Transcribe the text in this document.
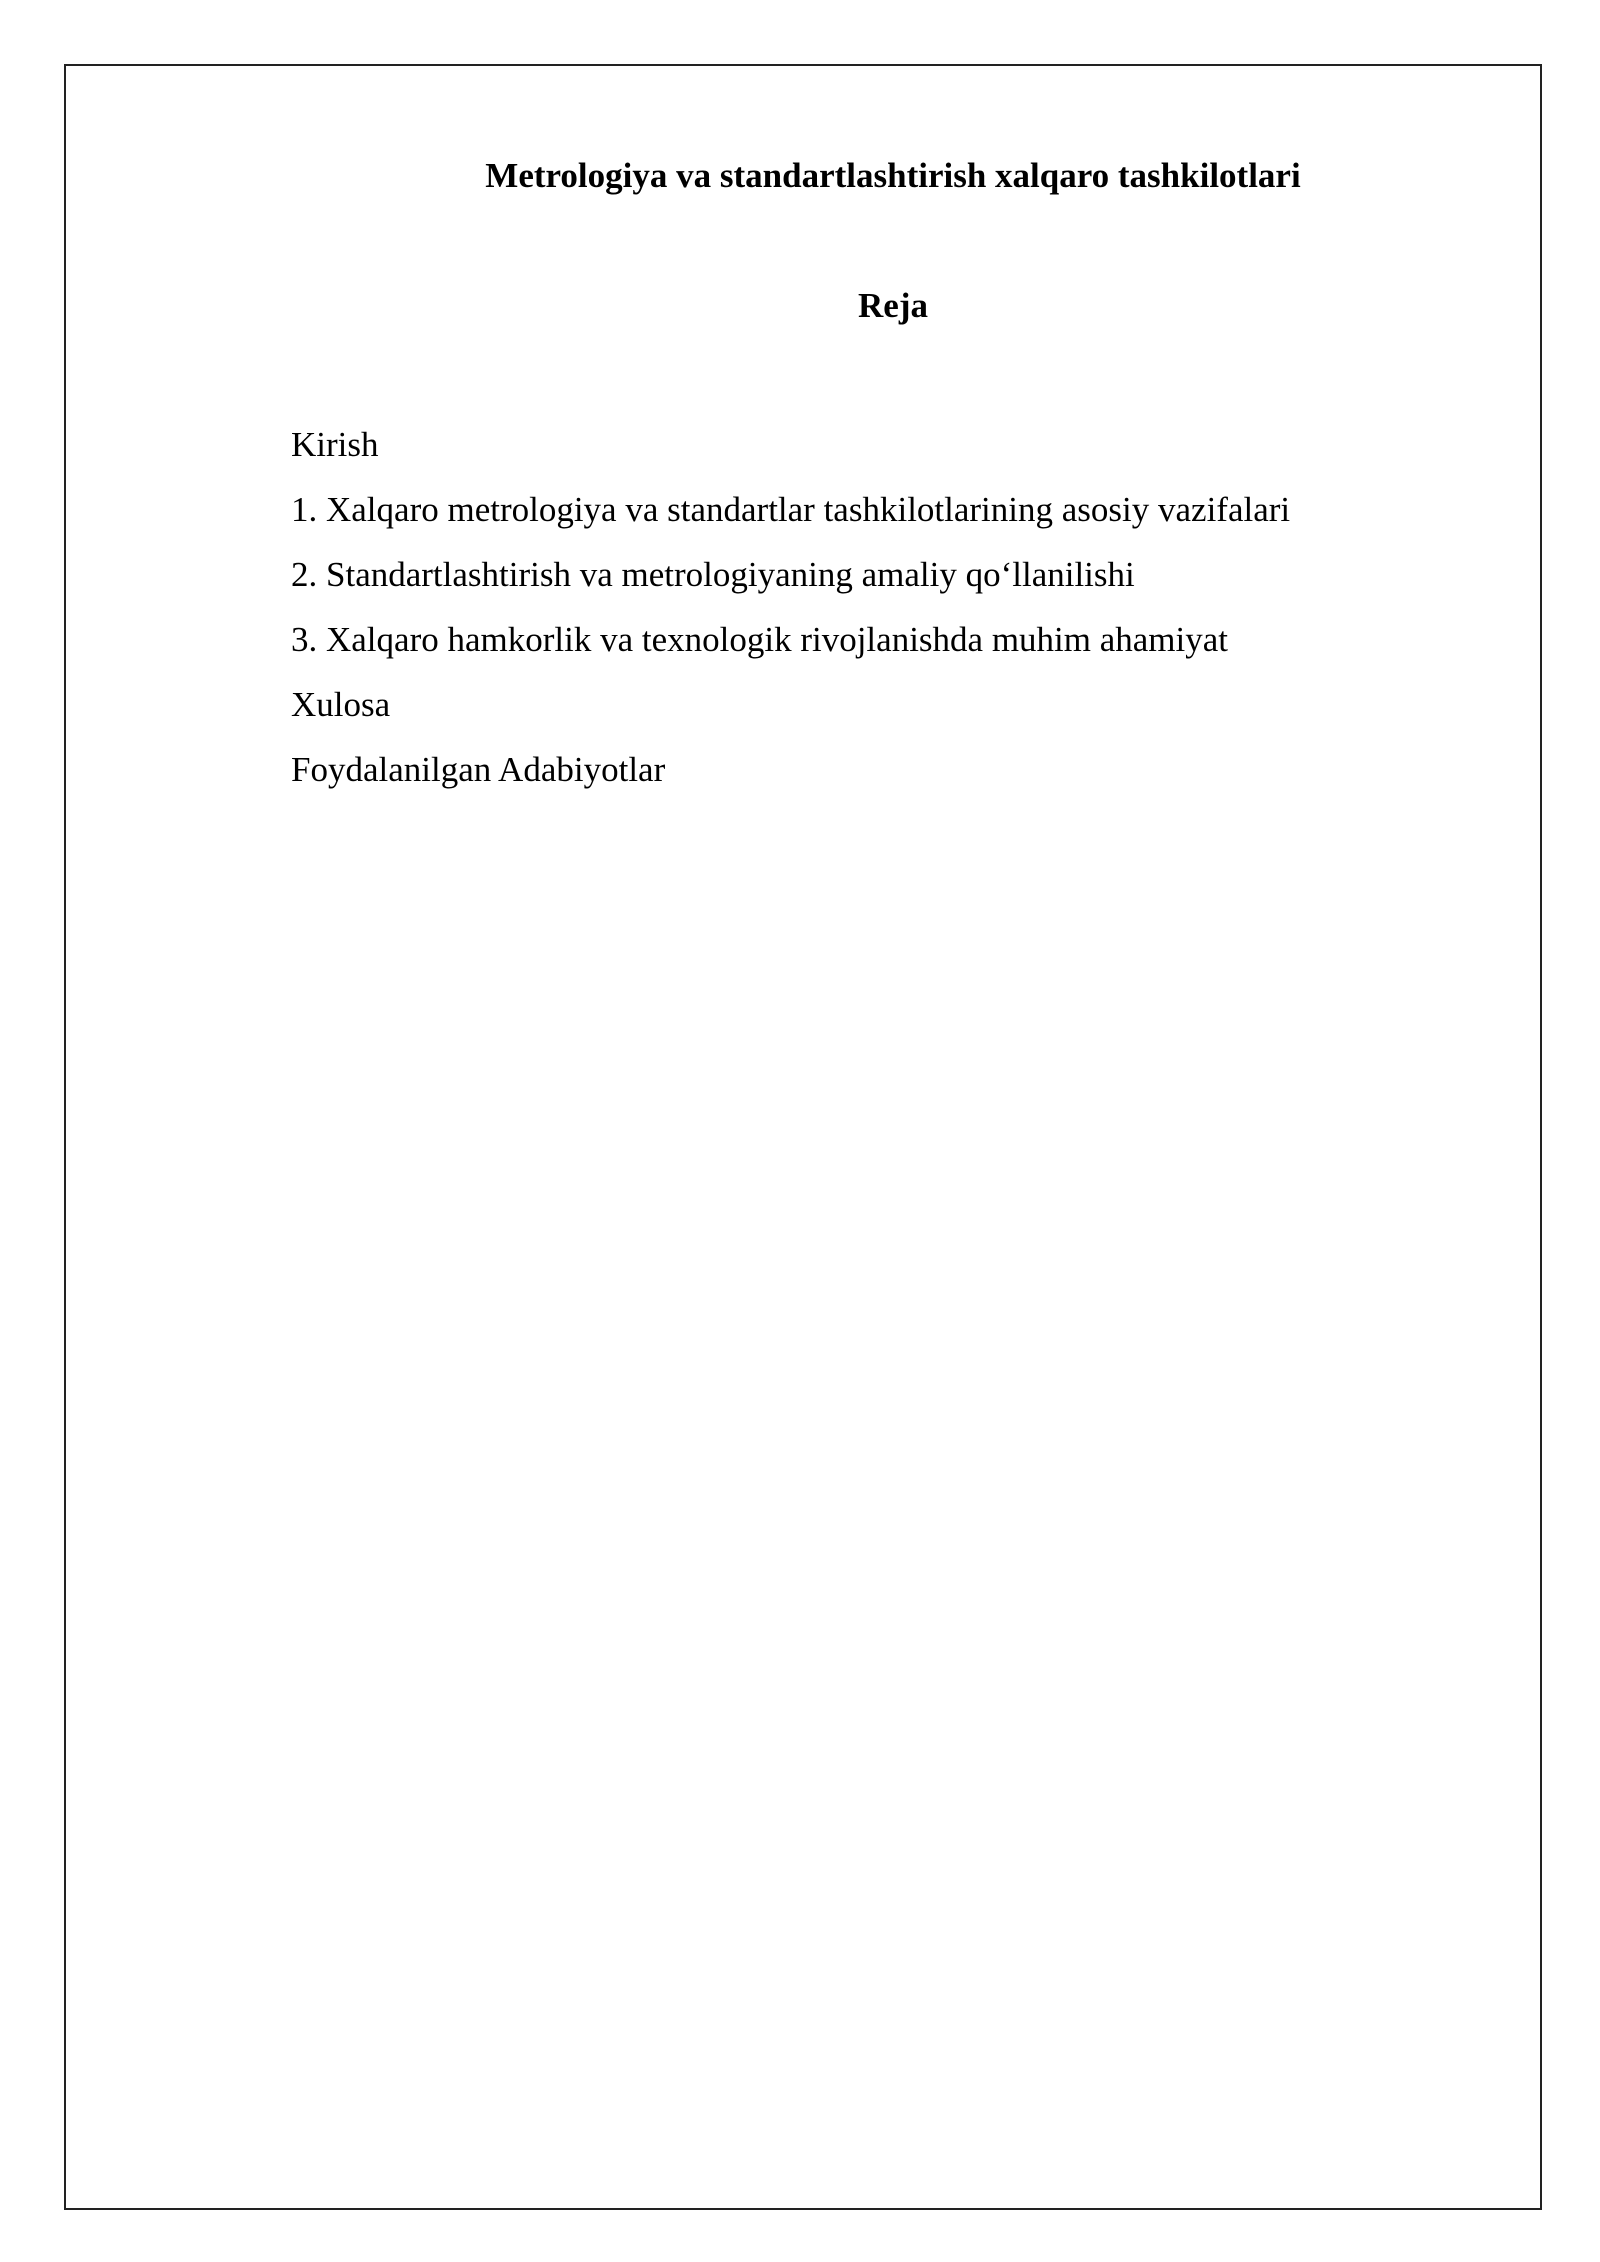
Metrologiya va standartlashtirish xalqaro tashkilotlari
Reja
Kirish
1. Xalqaro metrologiya va standartlar tashkilotlarining asosiy vazifalari
2. Standartlashtirish va metrologiyaning amaliy qo‘llanilishi
3. Xalqaro hamkorlik va texnologik rivojlanishda muhim ahamiyat
Xulosa
Foydalanilgan Adabiyotlar
